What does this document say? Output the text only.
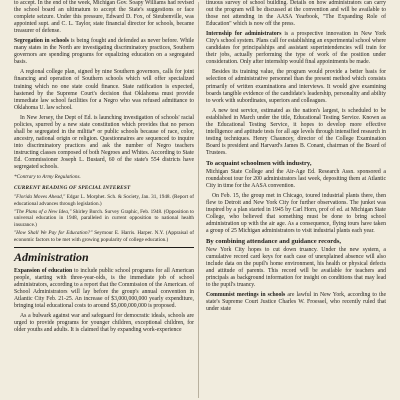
to accept. In the end of the week, Michigan Gov. Soapy Williams had revised the school board an ultimatum to accept the State's suggestions or face complete seizure. Under this pressure, Edward D. Fox, of Steubenville, was appointed supt. and C. L. Taylor, state financial director for schools, became treasurer of defense.

Segregation in schools is being fought and defended as never before. While many states in the North are investigating discriminatory practices, Southern governors are spending programs for equalizing education on a segregated basis.

A regional college plan, signed by nine Southern governors, calls for joint financing and operation of Southern schools which will offer specialized training which no one state could finance. State ratification is expected, hastened by the Supreme Court's decision that Oklahoma must provide immediate law school facilities for a Negro who was refused admittance to Oklahoma U. law school.

In New Jersey, the Dept of Ed. is launching investigation of schools' racial policies, spurred by a new state constitution which provides that no person shall be segregated in the militia* or public schools because of race, color, ancestry, national origin or religion. Questionnaires are sequenced to inquire into discriminatory practices and ask the number of Negro teachers instructing classes composed of both Negroes and Whites. According to State Ed. Commissioner Joseph L. Bustard, 60 of the state's 554 districts have segregated schools.

*Contrary to Army Regulations.

CURRENT READING OF SPECIAL INTEREST

"Florida Moves Ahead," Edgar L. Morphet. Sch. & Society, Jan. 31, 1948. (Report of educational advances through legislation.)

"The Plans of a New Idea," Shirley Burch. Survey Graphic, Feb. 1948. (Opposition to universal education in 1948, paralleled in current opposition to national health insurance.)

"How Shall We Pay for Education?" Seymour E. Harris. Harper. N.Y. (Appraisal of economic factors to be met with growing popularity of college education.)

Administration

Expansion of education to include public school programs for all American people, starting with three-year-olds, is the immediate job of school administrators, according to a report that the Commission of the American. of School Administrators will lay before the group's annual convention in Atlantic City Feb. 21-25. An increase of $3,000,000,000 yearly expenditure, bringing total educational costs to around $5,000,000,000 is proposed.

As a bulwark against war and safeguard for democratic ideals, schools are urged to provide programs for younger children, exceptional children, for older youths and adults. It is claimed that by expanding work-experience

tinuous survey of school building. Details on how administrators can carry out the program will be discussed at the convention and will be available to those not attending in the AASA Yearbook, "The Expanding Role of Education" which is now off the press.

Internship for administrators is a prospective innovation in New York City's school system. Plans call for establishing an experimental school where candidates for principalships and assistant superintendencies will train for their jobs, actually performing the type of work of the position under consideration. Only after internship would final appointments be made.

Besides its training value, the program would provide a better basis for selection of administrative personnel than the present method which consists primarily of written examinations and interviews. It would give examining boards tangible evidence of the candidate's leadership, personality and ability to work with subordinates, superiors and colleagues.

A new test service, estimated as the nation's largest, is scheduled to be established in March under the title, Educational Testing Service. Known as the Educational Testing Service, it hopes to develop more effective intelligence and aptitude tests for all age levels through intensified research in testing techniques. Henry Chauncey, director of the College Examination Board is president and Harvard's James B. Conant, chairman of the Board of Trustees.

To acquaint schoolmen with industry,

Michigan State College and the Air-Age Ed. Research Assn. sponsored a roundabout tour for 200 administrators last week, depositing them at Atlantic City in time for the AASA convention.

On Feb. 15, the group met in Chicago, toured industrial plants there, then flew to Detroit and New York City for further observations. The junket was inspired by a plan started in 1945 by Carl Horn, prof of ed. at Michigan State College, who believed that something must be done to bring school administration up with the air age. As a consequence, flying tours have taken a group of 25 Michigan administrators to visit industrial plants each year.

By combining attendance and guidance records,

New York City hopes to cut down truancy. Under the new system, a cumulative record card keys for each case of unexplained absence will also include data on the pupil's home environment, his health or physical defects and attitude of parents. This record will be available for teachers and principals as background information for insight on conditions that may lead to the pupil's truancy.

Communist meetings in schools are lawful in New York, according to the state's Supreme Court Justice Charles W. Froessel, who recently ruled that under state
